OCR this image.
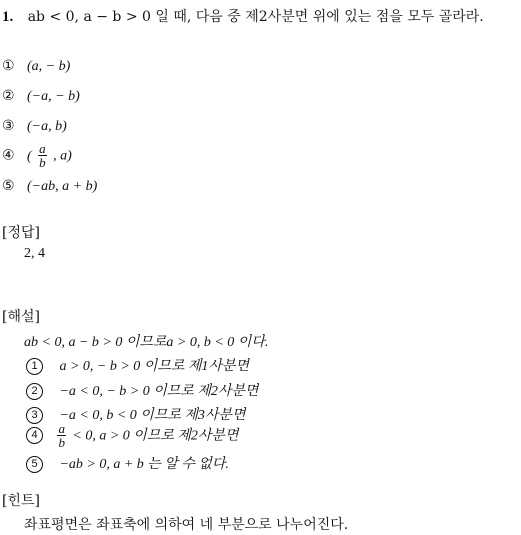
1. ab < 0, a − b > 0 일 때, 다음 중 제2사분면 위에 있는 점을 모두 골라라.
① (a, − b)
② (−a, − b)
③ (−a, b)
④ ( $\frac{a}{b}$ , a)
⑤ (−ab, a + b)
[정답]
2, 4
[해설]
ab < 0, a − b > 0 이므로a > 0, b < 0 이다.
1 a > 0, − b > 0 이므로 제1사분면
2 −a < 0, − b > 0 이므로 제2사분면
3 −a < 0, b < 0 이므로 제3사분면
$4 \frac{a}{b} < 0$, a > 0 이므로 제2사분면
5 −ab > 0, a + b 는 알 수 없다.
[힌트]
좌표평면은 좌표축에 의하여 네 부분으로 나누어진다.
